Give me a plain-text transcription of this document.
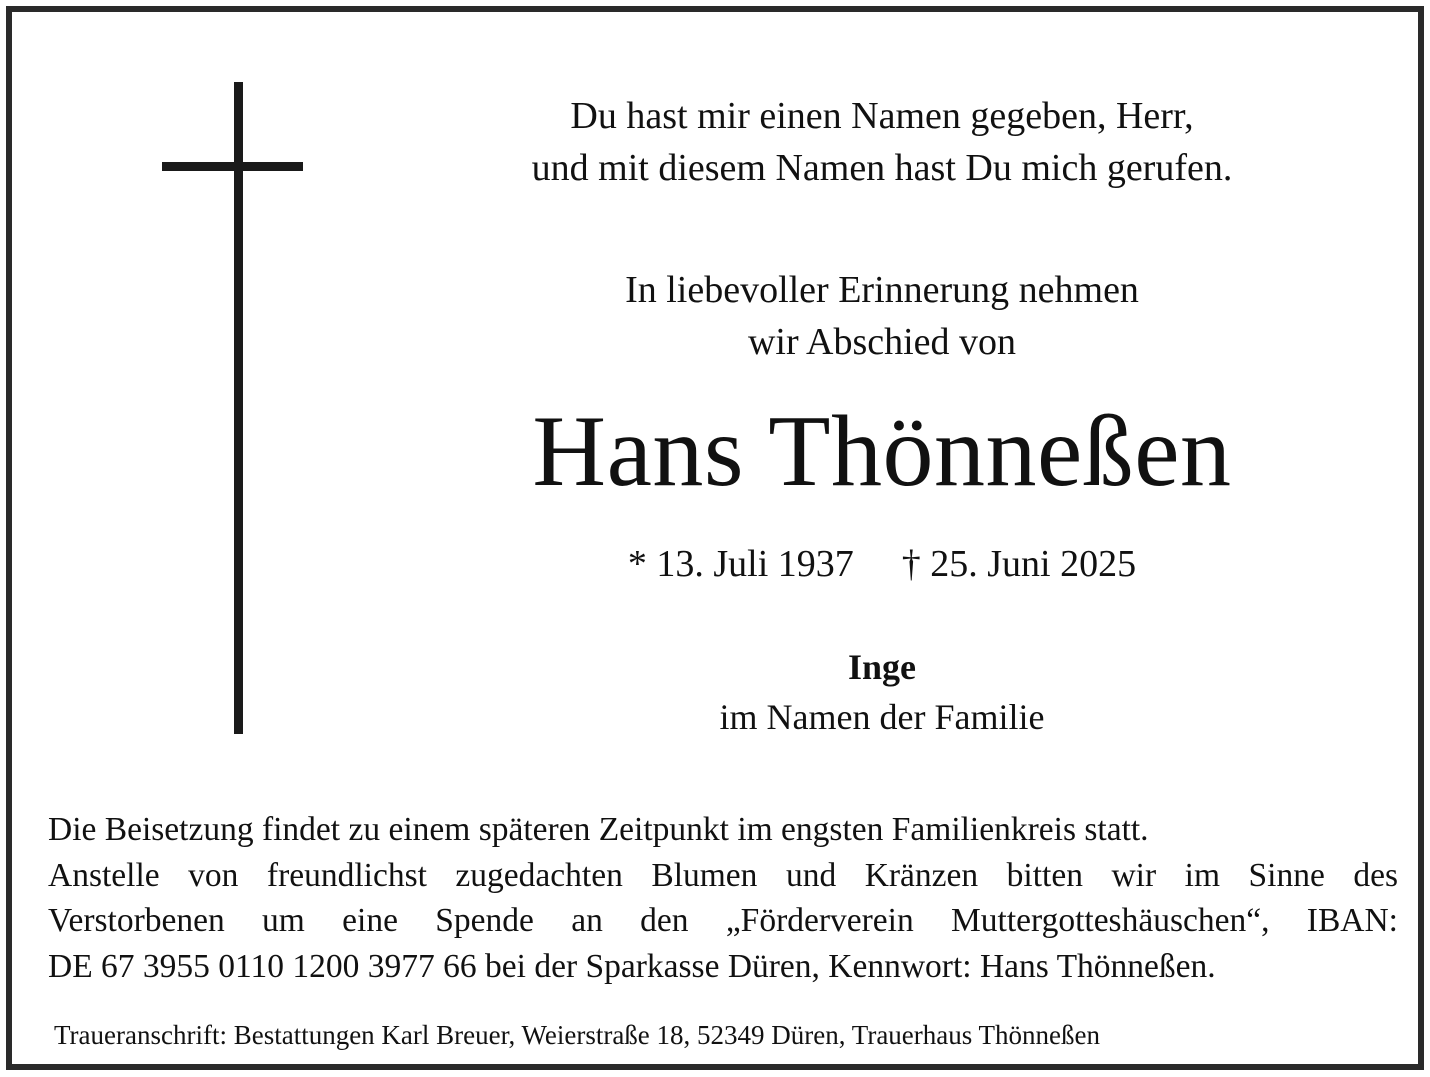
Du hast mir einen Namen gegeben, Herr,
und mit diesem Namen hast Du mich gerufen.
In liebevoller Erinnerung nehmen
wir Abschied von
Hans Thönneßen
* 13. Juli 1937 † 25. Juni 2025
Inge
im Namen der Familie
Die Beisetzung findet zu einem späteren Zeitpunkt im engsten Familienkreis statt.
Anstelle von freundlichst zugedachten Blumen und Kränzen bitten wir im Sinne des
Verstorbenen um eine Spende an den „Förderverein Muttergotteshäuschen“, IBAN:
DE 67 3955 0110 1200 3977 66 bei der Sparkasse Düren, Kennwort: Hans Thönneßen.
Traueranschrift: Bestattungen Karl Breuer, Weierstraße 18, 52349 Düren, Trauerhaus Thönneßen
